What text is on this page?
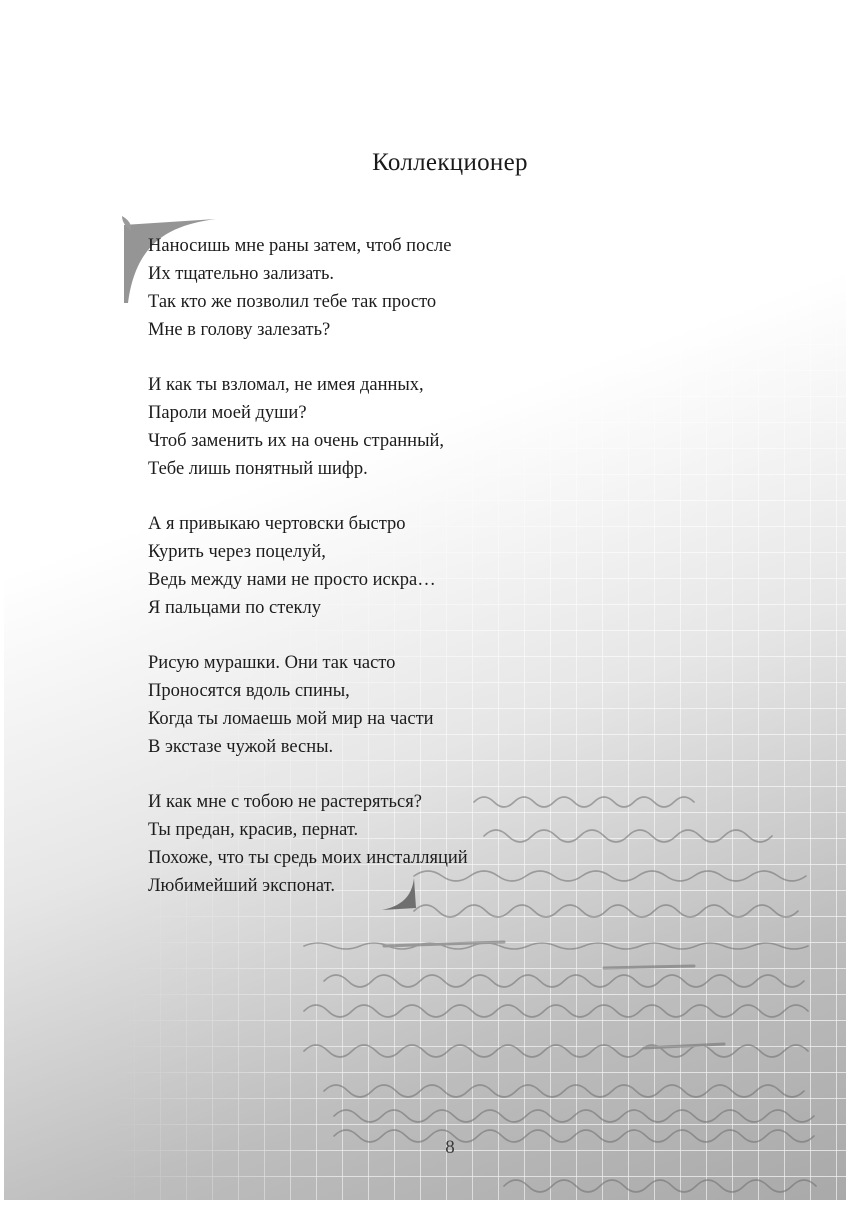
Коллекционер
Наносишь мне раны затем, чтоб после
Их тщательно зализать.
Так кто же позволил тебе так просто
Мне в голову залезать?
И как ты взломал, не имея данных,
Пароли моей души?
Чтоб заменить их на очень странный,
Тебе лишь понятный шифр.
А я привыкаю чертовски быстро
Курить через поцелуй,
Ведь между нами не просто искра…
Я пальцами по стеклу
Рисую мурашки. Они так часто
Проносятся вдоль спины,
Когда ты ломаешь мой мир на части
В экстазе чужой весны.
И как мне с тобою не растеряться?
Ты предан, красив, пернат.
Похоже, что ты средь моих инсталляций
Любимейший экспонат.
8
